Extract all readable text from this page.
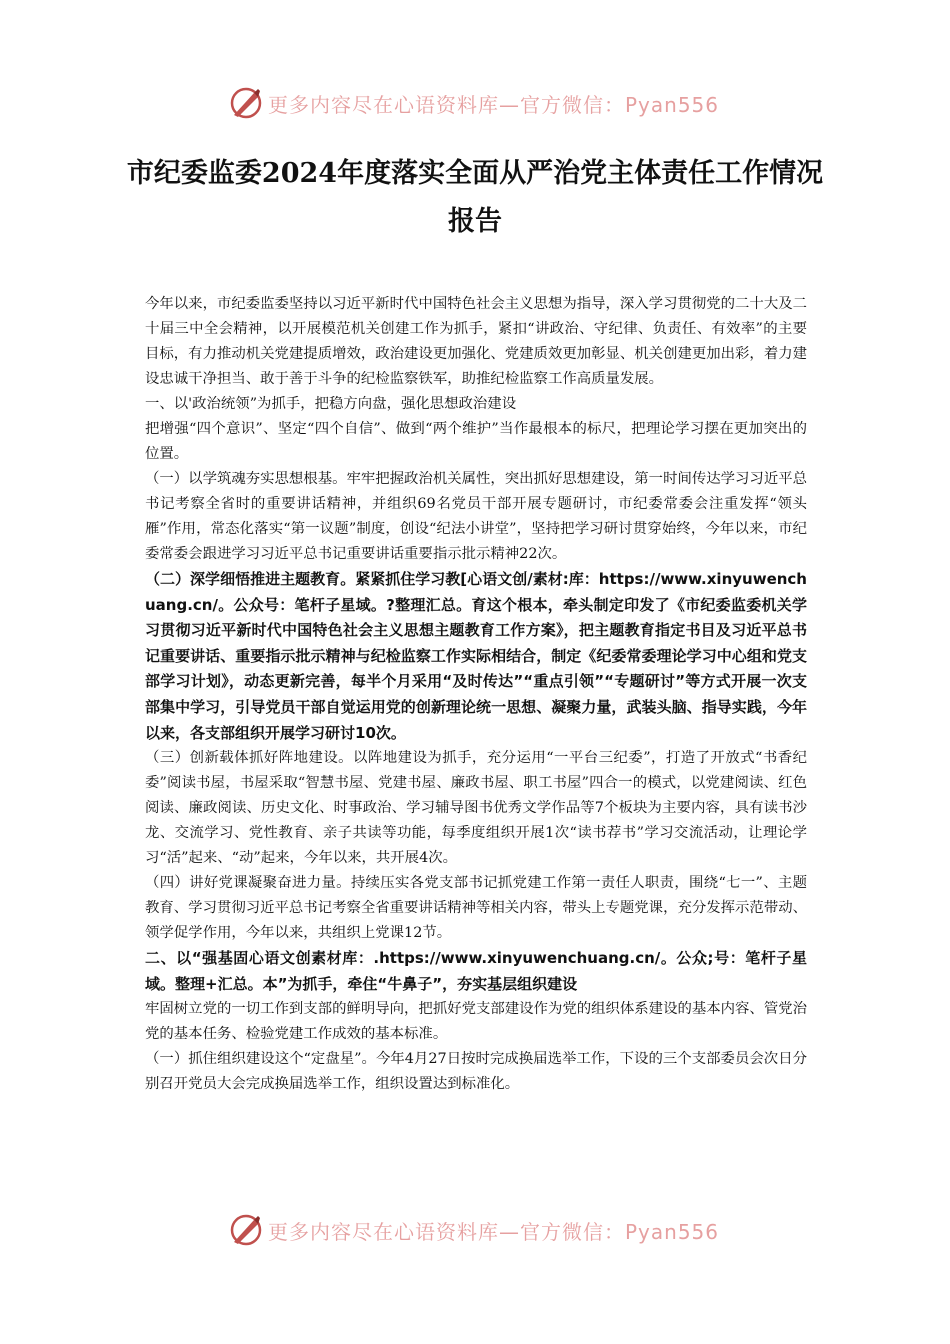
更多内容尽在心语资料库—官方微信：Pyan556
市纪委监委2024年度落实全面从严治党主体责任工作情况报告

今年以来，市纪委监委坚持以习近平新时代中国特色社会主义思想为指导，深入学习贯彻党的二十大及二十届三中全会精神，以开展模范机关创建工作为抓手，紧扣“讲政治、守纪律、负责任、有效率”的主要目标，有力推动机关党建提质增效，政治建设更加强化、党建质效更加彰显、机关创建更加出彩，着力建设忠诚干净担当、敢于善于斗争的纪检监察铁军，助推纪检监察工作高质量发展。

一、以'政治统领”为抓手，把稳方向盘，强化思想政治建设

把增强“四个意识”、坚定“四个自信”、做到“两个维护”当作最根本的标尺，把理论学习摆在更加突出的位置。

（一）以学筑魂夯实思想根基。牢牢把握政治机关属性，突出抓好思想建设，第一时间传达学习习近平总书记考察全省时的重要讲话精神，并组织69名党员干部开展专题研讨，市纪委常委会注重发挥“领头雁”作用，常态化落实“第一议题”制度，创设“纪法小讲堂”，坚持把学习研讨贯穿始终，今年以来，市纪委常委会跟进学习习近平总书记重要讲话重要指示批示精神22次。

（二）深学细悟推进主题教育。紧紧抓住学习教[心语文创/素材:库：https://www.xinyuwenchuang.cn/。公众号：笔杆子星域。?整理汇总。育这个根本，牵头制定印发了《市纪委监委机关学习贯彻习近平新时代中国特色社会主义思想主题教育工作方案》，把主题教育指定书目及习近平总书记重要讲话、重要指示批示精神与纪检监察工作实际相结合，制定《纪委常委理论学习中心组和党支部学习计划》，动态更新完善，每半个月采用“及时传达”“重点引领”“专题研讨”等方式开展一次支部集中学习，引导党员干部自觉运用党的创新理论统一思想、凝聚力量，武装头脑、指导实践，今年以来，各支部组织开展学习研讨10次。

（三）创新载体抓好阵地建设。以阵地建设为抓手，充分运用“一平台三纪委”，打造了开放式“书香纪委”阅读书屋，书屋采取“智慧书屋、党建书屋、廉政书屋、职工书屋”四合一的模式，以党建阅读、红色阅读、廉政阅读、历史文化、时事政治、学习辅导图书优秀文学作品等7个板块为主要内容，具有读书沙龙、交流学习、党性教育、亲子共读等功能，每季度组织开展1次“读书荐书”学习交流活动，让理论学习“活”起来、“动”起来，今年以来，共开展4次。

（四）讲好党课凝聚奋进力量。持续压实各党支部书记抓党建工作第一责任人职责，围绕“七一”、主题教育、学习贯彻习近平总书记考察全省重要讲话精神等相关内容，带头上专题党课，充分发挥示范带动、领学促学作用，今年以来，共组织上党课12节。

二、以“强基固心语文创素材库：.https://www.xinyuwenchuang.cn/。公众;号：笔杆子星域。整理+汇总。本”为抓手，牵住“牛鼻子”，夯实基层组织建设

牢固树立党的一切工作到支部的鲜明导向，把抓好党支部建设作为党的组织体系建设的基本内容、管党治党的基本任务、检验党建工作成效的基本标准。

（一）抓住组织建设这个“定盘星”。今年4月27日按时完成换届选举工作，下设的三个支部委员会次日分别召开党员大会完成换届选举工作，组织设置达到标准化。

更多内容尽在心语资料库—官方微信：Pyan556
